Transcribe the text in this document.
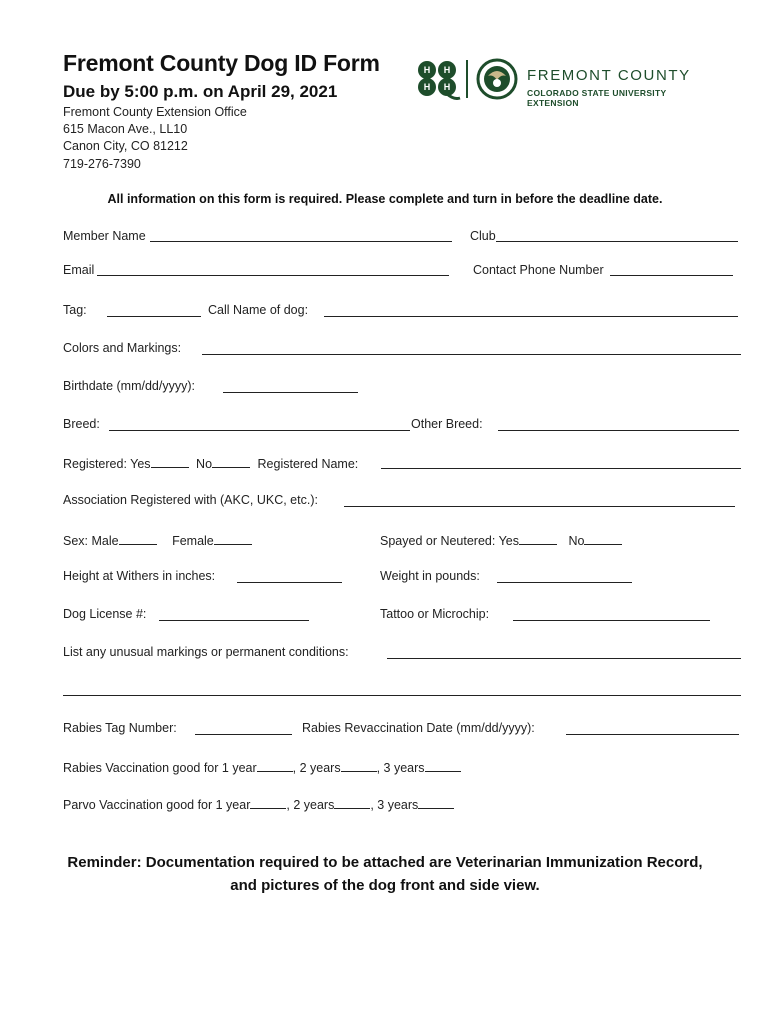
Fremont County Dog ID Form
Due by 5:00 p.m. on April 29, 2021
Fremont County Extension Office
615 Macon Ave., LL10
Canon City, CO 81212
719-276-7390
H H
H H
FREMONT COUNTY
COLORADO STATE UNIVERSITY
EXTENSION
All information on this form is required. Please complete and turn in before the deadline date.
Member Name	Club
Email	Contact Phone Number
Tag:	Call Name of dog:
Colors and Markings:
Birthdate (mm/dd/yyyy):
Breed:	Other Breed:
Registered: Yes	No	Registered Name:
Association Registered with (AKC, UKC, etc.):
Sex: Male	Female	Spayed or Neutered: Yes	No
Height at Withers in inches:	Weight in pounds:
Dog License #:	Tattoo or Microchip:
List any unusual markings or permanent conditions:
Rabies Tag Number:	Rabies Revaccination Date (mm/dd/yyyy):
Rabies Vaccination good for 1 year	, 2 years	, 3 years
Parvo Vaccination good for 1 year	, 2 years	, 3 years
Reminder: Documentation required to be attached are Veterinarian Immunization Record,
and pictures of the dog front and side view.
